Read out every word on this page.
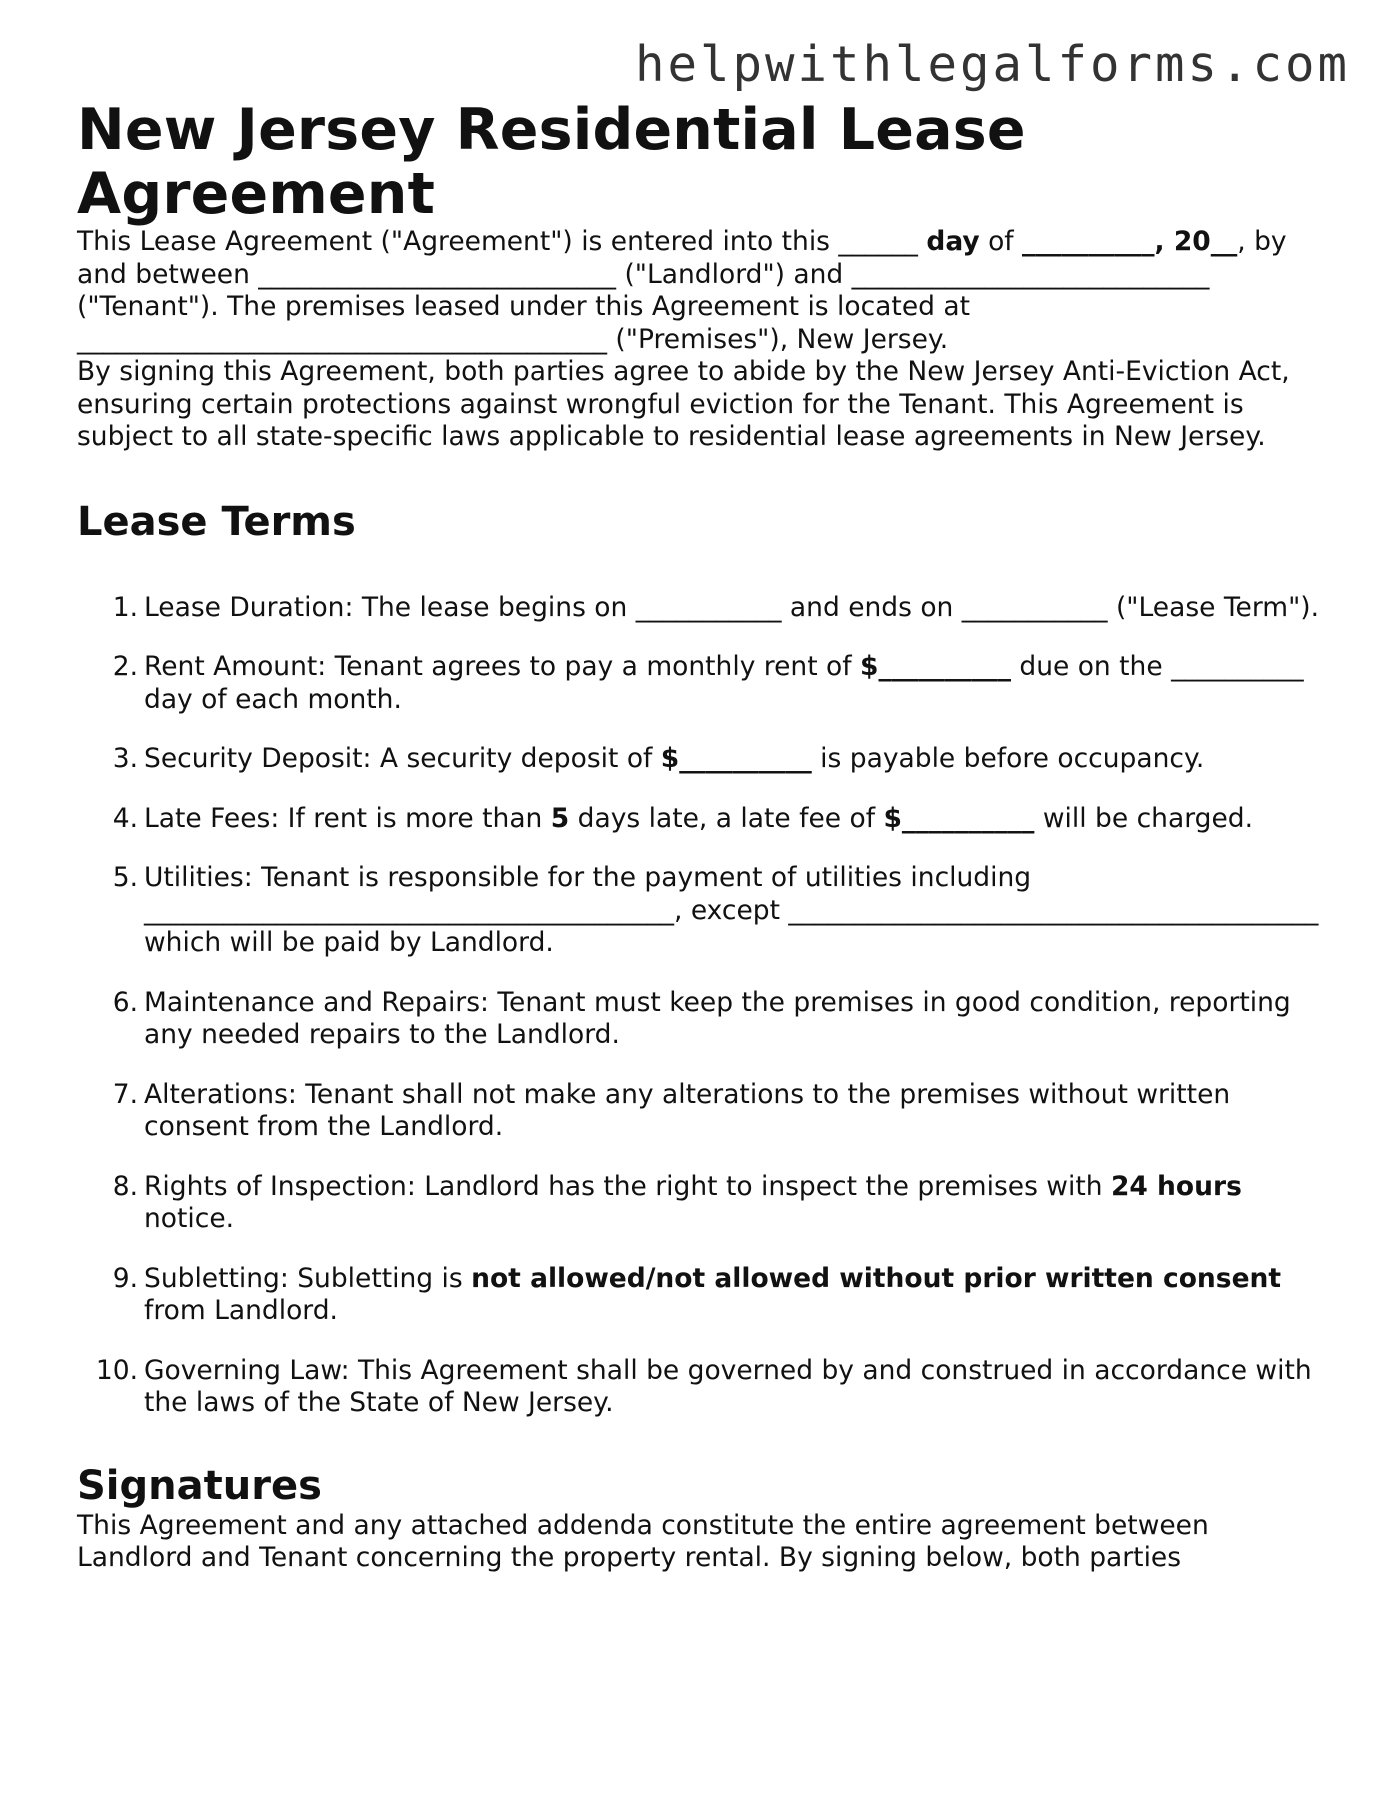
helpwithlegalforms.com

New Jersey Residential Lease Agreement

This Lease Agreement ("Agreement") is entered into this ______ day of __________, 20__, by and between ___________________________ ("Landlord") and ___________________________ ("Tenant"). The premises leased under this Agreement is located at ________________________________________ ("Premises"), New Jersey.

By signing this Agreement, both parties agree to abide by the New Jersey Anti-Eviction Act, ensuring certain protections against wrongful eviction for the Tenant. This Agreement is subject to all state-specific laws applicable to residential lease agreements in New Jersey.

Lease Terms
1. Lease Duration: The lease begins on ___________ and ends on ___________ ("Lease Term").
2. Rent Amount: Tenant agrees to pay a monthly rent of $__________ due on the __________ day of each month.
3. Security Deposit: A security deposit of $__________ is payable before occupancy.
4. Late Fees: If rent is more than 5 days late, a late fee of $__________ will be charged.
5. Utilities: Tenant is responsible for the payment of utilities including ________________________________________, except ________________________________________ which will be paid by Landlord.
6. Maintenance and Repairs: Tenant must keep the premises in good condition, reporting any needed repairs to the Landlord.
7. Alterations: Tenant shall not make any alterations to the premises without written consent from the Landlord.
8. Rights of Inspection: Landlord has the right to inspect the premises with 24 hours notice.
9. Subletting: Subletting is not allowed/not allowed without prior written consent from Landlord.
10. Governing Law: This Agreement shall be governed by and construed in accordance with the laws of the State of New Jersey.
Signatures

This Agreement and any attached addenda constitute the entire agreement between Landlord and Tenant concerning the property rental. By signing below, both parties
